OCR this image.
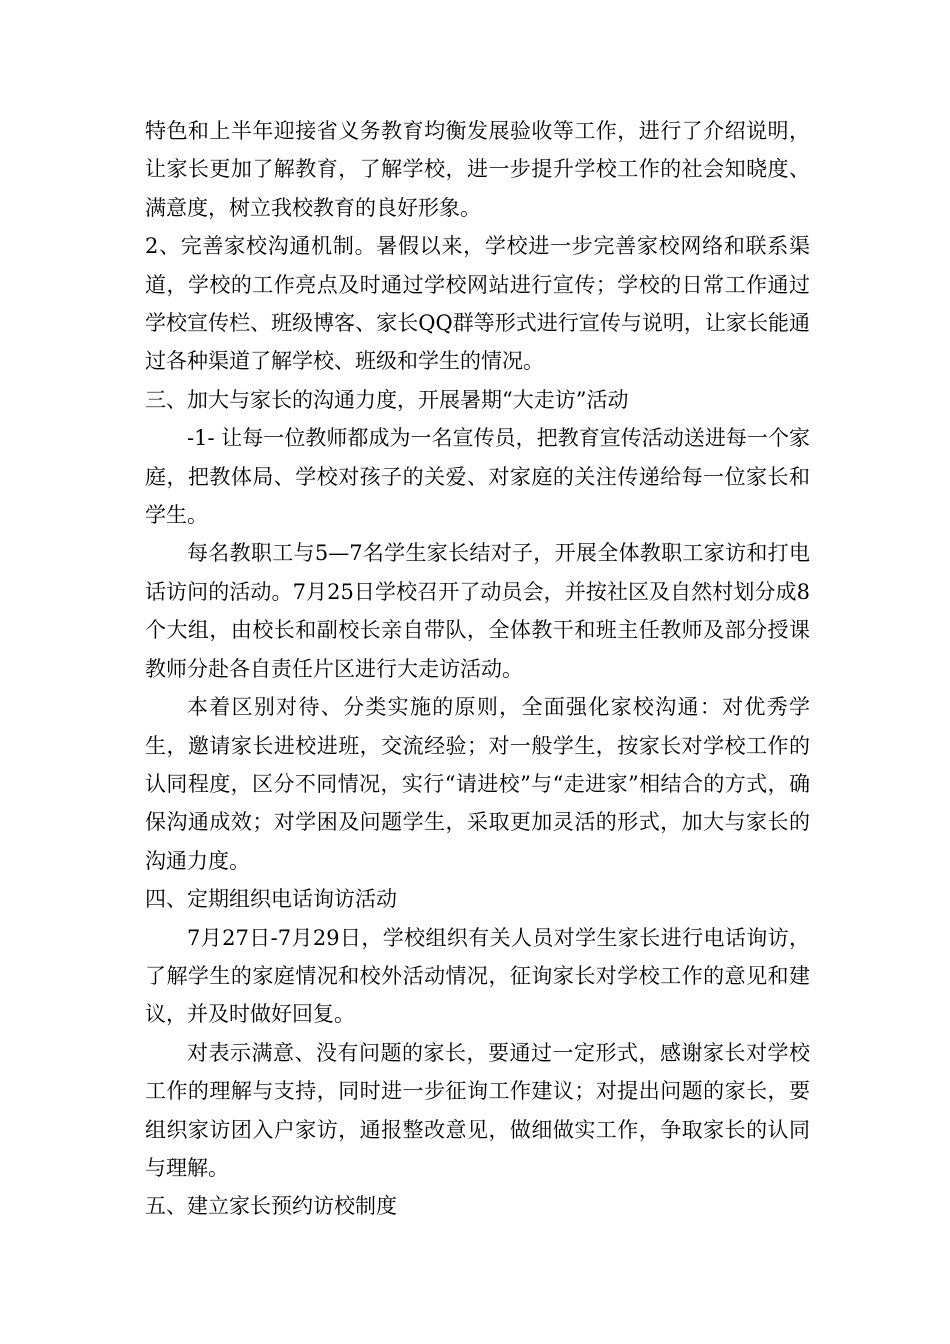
特色和上半年迎接省义务教育均衡发展验收等工作，进行了介绍说明，让家长更加了解教育，了解学校，进一步提升学校工作的社会知晓度、满意度，树立我校教育的良好形象。

2、完善家校沟通机制。暑假以来，学校进一步完善家校网络和联系渠道，学校的工作亮点及时通过学校网站进行宣传；学校的日常工作通过学校宣传栏、班级博客、家长QQ群等形式进行宣传与说明，让家长能通过各种渠道了解学校、班级和学生的情况。

三、加大与家长的沟通力度，开展暑期“大走访”活动

-1- 让每一位教师都成为一名宣传员，把教育宣传活动送进每一个家庭，把教体局、学校对孩子的关爱、对家庭的关注传递给每一位家长和学生。

每名教职工与5—7名学生家长结对子，开展全体教职工家访和打电话访问的活动。7月25日学校召开了动员会，并按社区及自然村划分成8个大组，由校长和副校长亲自带队，全体教干和班主任教师及部分授课教师分赴各自责任片区进行大走访活动。

本着区别对待、分类实施的原则，全面强化家校沟通：对优秀学生，邀请家长进校进班，交流经验；对一般学生，按家长对学校工作的认同程度，区分不同情况，实行“请进校”与“走进家”相结合的方式，确保沟通成效；对学困及问题学生，采取更加灵活的形式，加大与家长的沟通力度。

四、定期组织电话询访活动

7月27日-7月29日，学校组织有关人员对学生家长进行电话询访，了解学生的家庭情况和校外活动情况，征询家长对学校工作的意见和建议，并及时做好回复。

对表示满意、没有问题的家长，要通过一定形式，感谢家长对学校工作的理解与支持，同时进一步征询工作建议；对提出问题的家长，要组织家访团入户家访，通报整改意见，做细做实工作，争取家长的认同与理解。

五、建立家长预约访校制度
